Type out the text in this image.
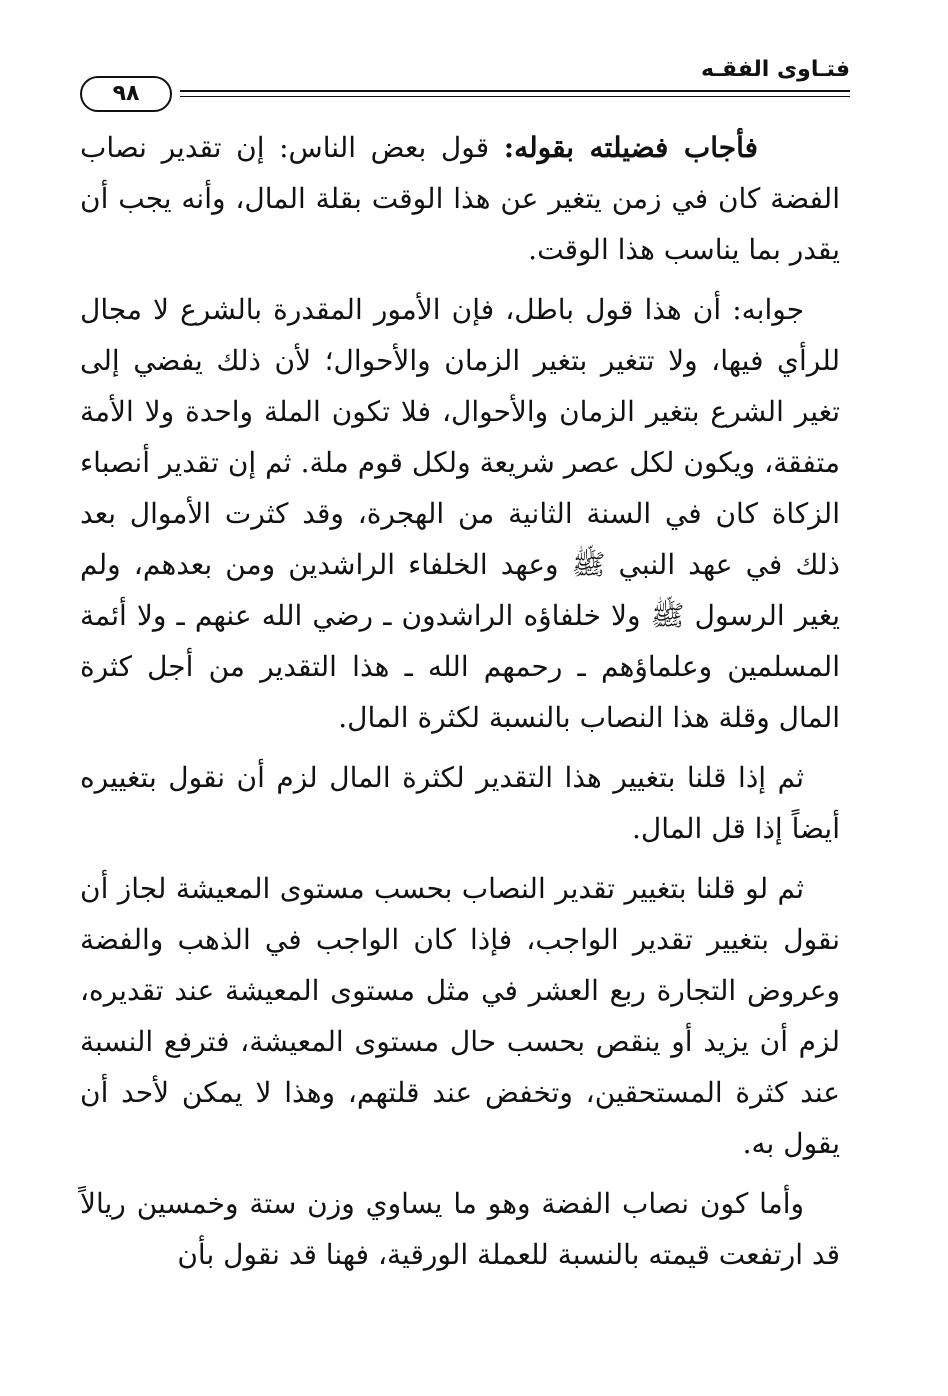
فتـاوى الفقـه
٩٨

فأجاب فضيلته بقوله: قول بعض الناس: إن تقدير نصاب الفضة كان في زمن يتغير عن هذا الوقت بقلة المال، وأنه يجب أن يقدر بما يناسب هذا الوقت.

جوابه: أن هذا قول باطل، فإن الأمور المقدرة بالشرع لا مجال للرأي فيها، ولا تتغير بتغير الزمان والأحوال؛ لأن ذلك يفضي إلى تغير الشرع بتغير الزمان والأحوال، فلا تكون الملة واحدة ولا الأمة متفقة، ويكون لكل عصر شريعة ولكل قوم ملة. ثم إن تقدير أنصباء الزكاة كان في السنة الثانية من الهجرة، وقد كثرت الأموال بعد ذلك في عهد النبي ﷺ وعهد الخلفاء الراشدين ومن بعدهم، ولم يغير الرسول ﷺ ولا خلفاؤه الراشدون ـ رضي الله عنهم ـ ولا أئمة المسلمين وعلماؤهم ـ رحمهم الله ـ هذا التقدير من أجل كثرة المال وقلة هذا النصاب بالنسبة لكثرة المال.

ثم إذا قلنا بتغيير هذا التقدير لكثرة المال لزم أن نقول بتغييره أيضاً إذا قل المال.

ثم لو قلنا بتغيير تقدير النصاب بحسب مستوى المعيشة لجاز أن نقول بتغيير تقدير الواجب، فإذا كان الواجب في الذهب والفضة وعروض التجارة ربع العشر في مثل مستوى المعيشة عند تقديره، لزم أن يزيد أو ينقص بحسب حال مستوى المعيشة، فترفع النسبة عند كثرة المستحقين، وتخفض عند قلتهم، وهذا لا يمكن لأحد أن يقول به.

وأما كون نصاب الفضة وهو ما يساوي وزن ستة وخمسين ريالاً قد ارتفعت قيمته بالنسبة للعملة الورقية، فهنا قد نقول بأن
